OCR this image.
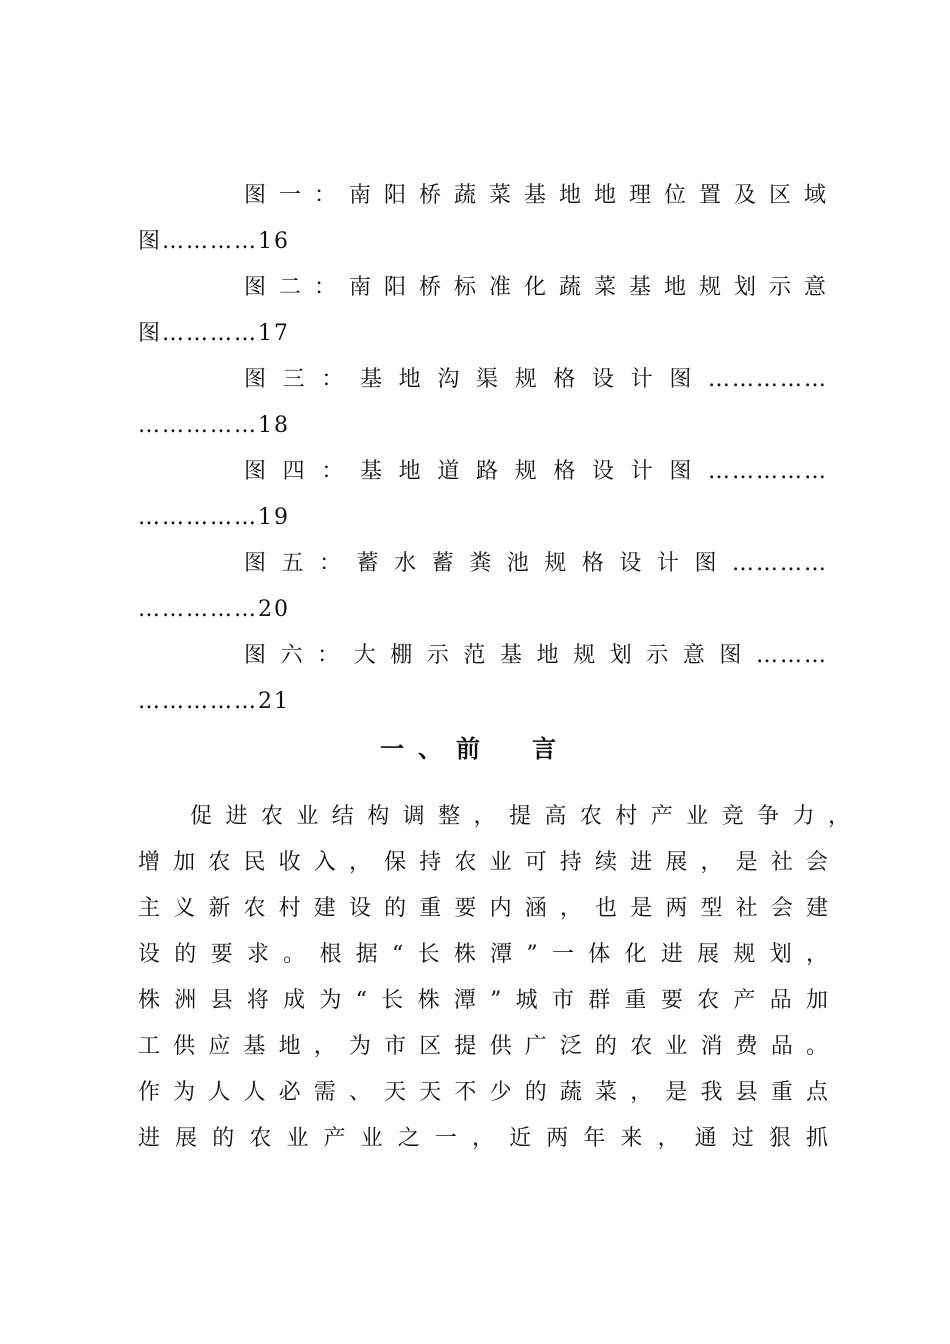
图一：南阳桥蔬菜基地地理位置及区域
图…………16
图二：南阳桥标准化蔬菜基地规划示意
图…………17
图三：基地沟渠规格设计图……………
……………18
图四：基地道路规格设计图……………
……………19
图五：蓄水蓄粪池规格设计图…………
……………20
图六：大棚示范基地规划示意图………
……………21
一、前　言
促进农业结构调整，提高农村产业竞争力，
增加农民收入，保持农业可持续进展，是社会
主义新农村建设的重要内涵，也是两型社会建
设的要求。根据“长株潭”一体化进展规划，
株洲县将成为“长株潭”城市群重要农产品加
工供应基地，为市区提供广泛的农业消费品。
作为人人必需、天天不少的蔬菜，是我县重点
进展的农业产业之一，近两年来，通过狠抓
